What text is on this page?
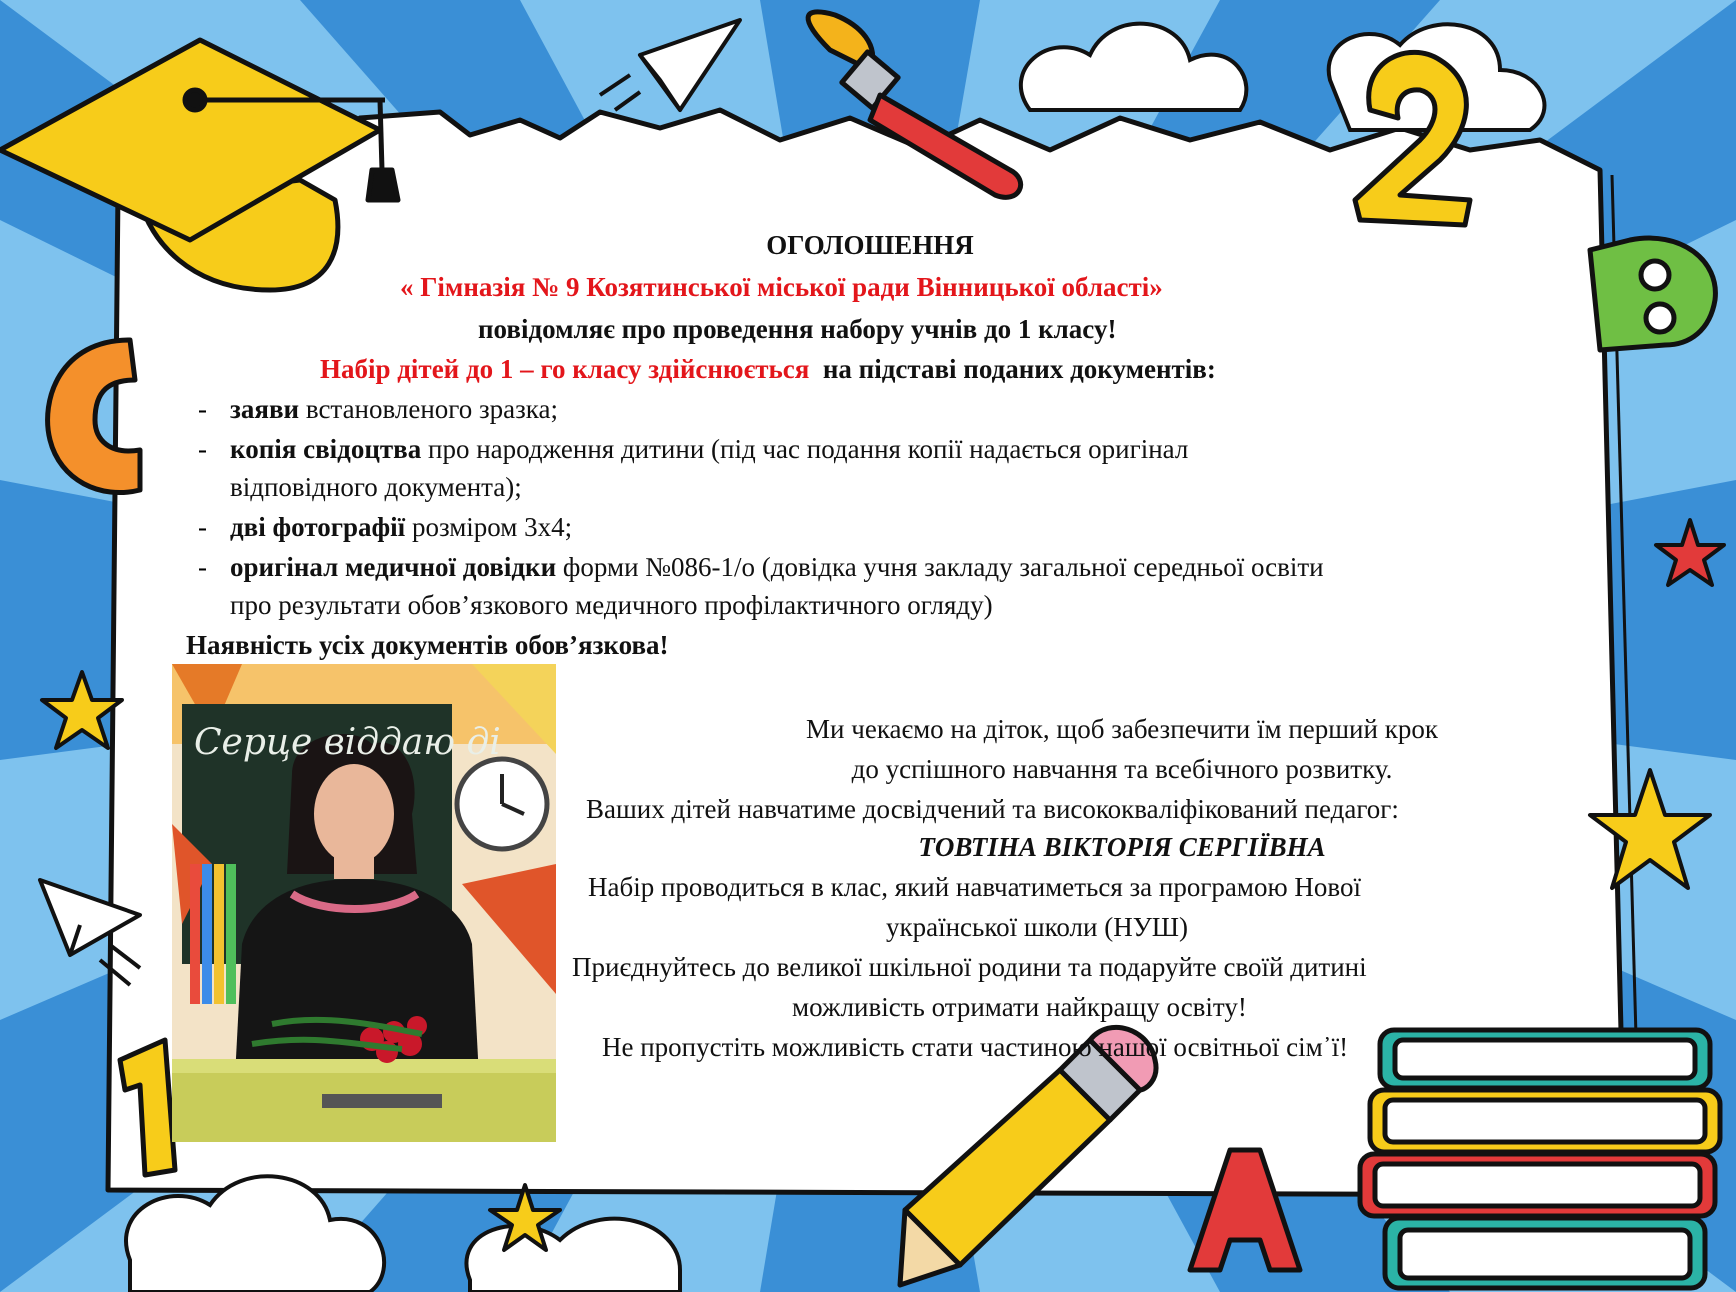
ОГОЛОШЕННЯ
« Гімназія № 9 Козятинської міської ради Вінницької області»
повідомляє про проведення набору учнів до 1 класу!
Набір дітей до 1 – го класу здійснюється на підставі поданих документів:
- заяви встановленого зразка;
- копія свідоцтва про народження дитини (під час подання копії надається оригінал
відповідного документа);
- дві фотографії розміром 3х4;
- оригінал медичної довідки форми №086-1/о (довідка учня закладу загальної середньої освіти
про результати обов’язкового медичного профілактичного огляду)
Наявність усіх документів обов’язкова!
Серце віддаю ді	Ми чекаємо на діток, щоб забезпечити їм перший крок
до успішного навчання та всебічного розвитку.
Ваших дітей навчатиме досвідчений та висококваліфікований педагог:
ТОВТІНА ВІКТОРІЯ СЕРГІЇВНА
Набір проводиться в клас, який навчатиметься за програмою Нової
української школи (НУШ)
Приєднуйтесь до великої шкільної родини та подаруйте своїй дитині
можливість отримати найкращу освіту!
Не пропустіть можливість стати частиною нашої освітньої сім᾽ї!
